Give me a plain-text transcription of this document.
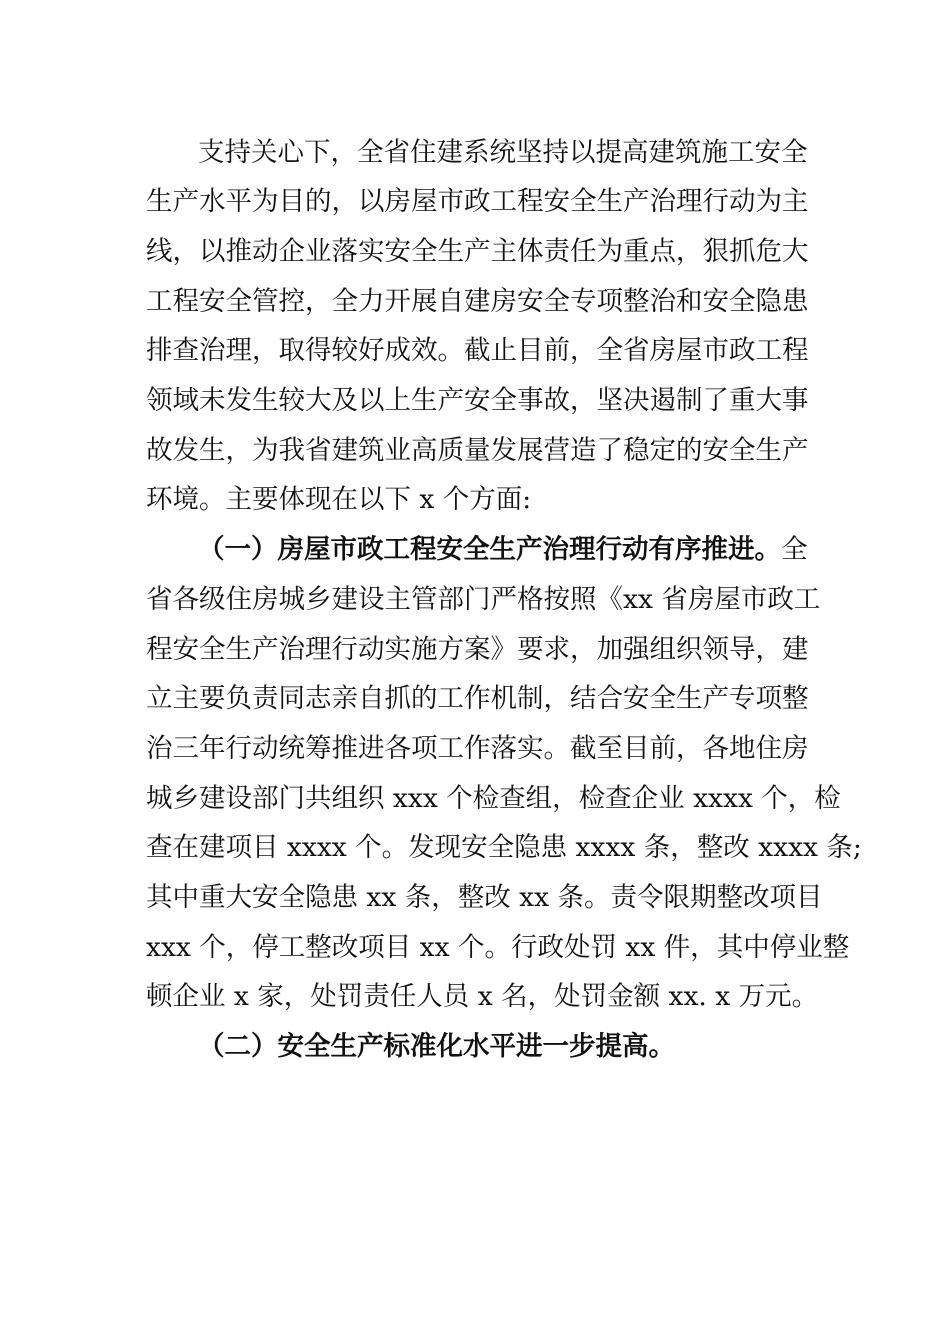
支持关心下，全省住建系统坚持以提高建筑施工安全
生产水平为目的，以房屋市政工程安全生产治理行动为主
线，以推动企业落实安全生产主体责任为重点，狠抓危大
工程安全管控，全力开展自建房安全专项整治和安全隐患
排查治理，取得较好成效。截止目前，全省房屋市政工程
领域未发生较大及以上生产安全事故，坚决遏制了重大事
故发生，为我省建筑业高质量发展营造了稳定的安全生产
环境。主要体现在以下 x 个方面:
（一）房屋市政工程安全生产治理行动有序推进。全
省各级住房城乡建设主管部门严格按照《xx 省房屋市政工
程安全生产治理行动实施方案》要求，加强组织领导，建
立主要负责同志亲自抓的工作机制，结合安全生产专项整
治三年行动统筹推进各项工作落实。截至目前，各地住房
城乡建设部门共组织 xxx 个检查组，检查企业 xxxx 个，检
查在建项目 xxxx 个。发现安全隐患 xxxx 条，整改 xxxx 条;
其中重大安全隐患 xx 条，整改 xx 条。责令限期整改项目
xxx 个，停工整改项目 xx 个。行政处罚 xx 件，其中停业整
顿企业 x 家，处罚责任人员 x 名，处罚金额 xx. x 万元。
（二）安全生产标准化水平进一步提高。
